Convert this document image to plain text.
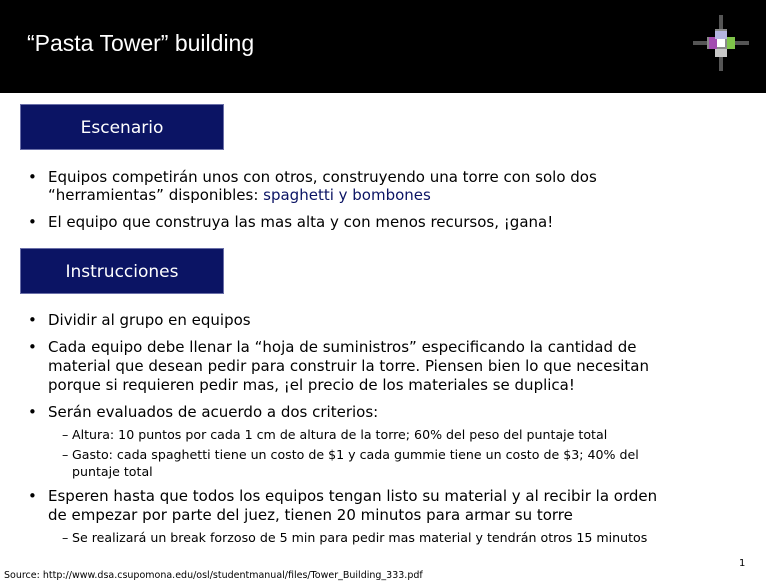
“Pasta Tower” building
Escenario
• Equipos competirán unos con otros, construyendo una torre con solo dos
“herramientas” disponibles: spaghetti y bombones
• El equipo que construya las mas alta y con menos recursos, ¡gana!
Instrucciones
• Dividir al grupo en equipos
• Cada equipo debe llenar la “hoja de suministros” especificando la cantidad de
material que desean pedir para construir la torre. Piensen bien lo que necesitan
porque si requieren pedir mas, ¡el precio de los materiales se duplica!
• Serán evaluados de acuerdo a dos criterios:
– Altura: 10 puntos por cada 1 cm de altura de la torre; 60% del peso del puntaje total
– Gasto: cada spaghetti tiene un costo de $1 y cada gummie tiene un costo de $3; 40% del
puntaje total
• Esperen hasta que todos los equipos tengan listo su material y al recibir la orden
de empezar por parte del juez, tienen 20 minutos para armar su torre
– Se realizará un break forzoso de 5 min para pedir mas material y tendrán otros 15 minutos
1
Source: http://www.dsa.csupomona.edu/osl/studentmanual/files/Tower_Building_333.pdf
